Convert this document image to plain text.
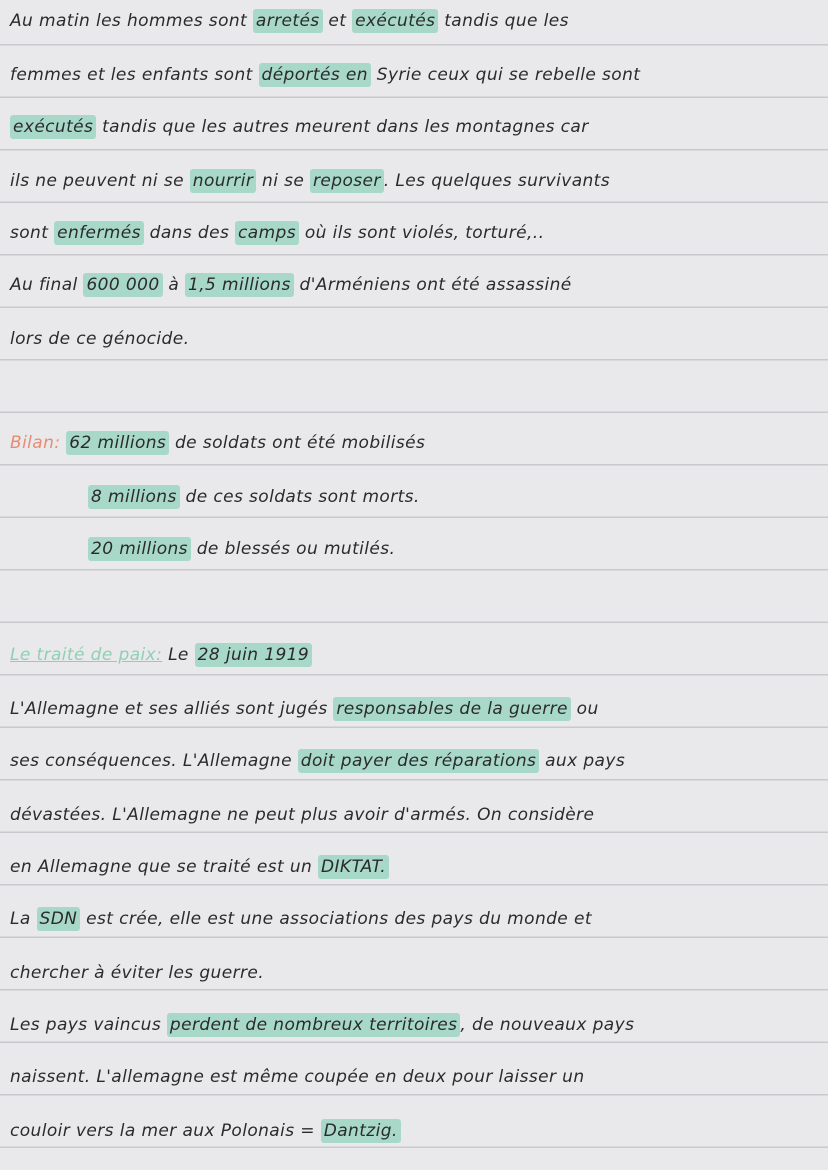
Au matin les hommes sont arretés et exécutés tandis que les
femmes et les enfants sont déportés en Syrie ceux qui se rebelle sont
exécutés tandis que les autres meurent dans les montagnes car
ils ne peuvent ni se nourrir ni se reposer . Les quelques survivants
sont enfermés dans des camps où ils sont violés, torturé,..
Au final 600 000 à 1,5 millions d'Arméniens ont été assassiné
lors de ce génocide.
Bilan: 62 millions de soldats ont été mobilisés
8 millions de ces soldats sont morts.
20 millions de blessés ou mutilés.
Le traité de paix: Le 28 juin 1919
L'Allemagne et ses alliés sont jugés responsables de la guerre ou
ses conséquences. L'Allemagne doit payer des réparations aux pays
dévastées. L'Allemagne ne peut plus avoir d'armés. On considère
en Allemagne que se traité est un DIKTAT.
La SDN est crée, elle est une associations des pays du monde et
chercher à éviter les guerre.
Les pays vaincus perdent de nombreux territoires , de nouveaux pays
naissent. L'allemagne est même coupée en deux pour laisser un
couloir vers la mer aux Polonais = Dantzig.
